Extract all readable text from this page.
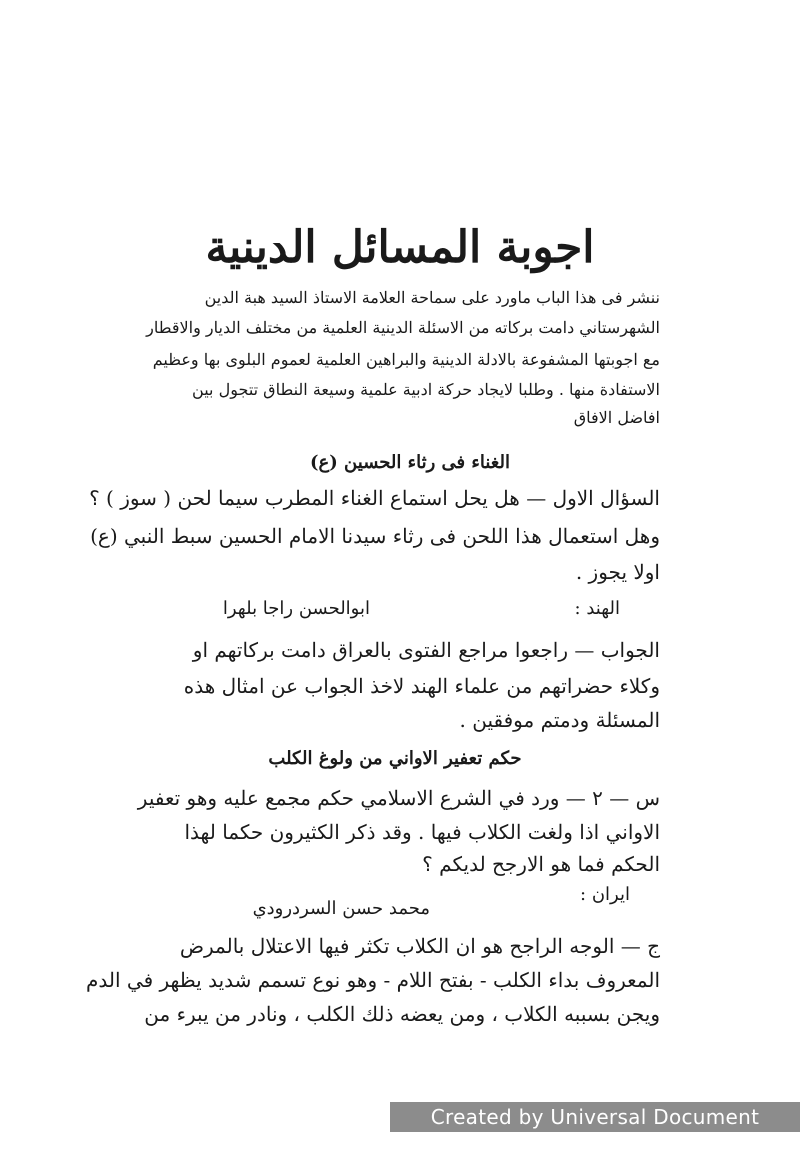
اجوبة المسائل الدينية
ننشر فى هذا الباب ماورد على سماحة العلامة الاستاذ السيد هبة الدين
الشهرستاني دامت بركاته من الاسئلة الدينية العلمية من مختلف الديار والاقطار
مع اجوبتها المشفوعة بالادلة الدينية والبراهين العلمية لعموم البلوى بها وعظيم
الاستفادة منها . وطلبا لايجاد حركة ادبية علمية وسيعة النطاق تتجول بين
افاضل الافاق
الغناء فى رثاء الحسين (ع)
السؤال الاول — هل يحل استماع الغناء المطرب سيما لحن ( سوز ) ؟
وهل استعمال هذا اللحن فى رثاء سيدنا الامام الحسين سبط النبي (ع)
اولا يجوز .
الهند :
ابوالحسن راجا بلهرا
الجواب — راجعوا مراجع الفتوى بالعراق دامت بركاتهم او
وكلاء حضراتهم من علماء الهند لاخذ الجواب عن امثال هذه
المسئلة ودمتم موفقين .
حكم تعفير الاواني من ولوغ الكلب
س — ٢ — ورد في الشرع الاسلامي حكم مجمع عليه وهو تعفير
الاواني اذا ولغت الكلاب فيها . وقد ذكر الكثيرون حكما لهذا
الحكم فما هو الارجح لديكم ؟
ايران :
محمد حسن السردرودي
ج — الوجه الراجح هو ان الكلاب تكثر فيها الاعتلال بالمرض
المعروف بداء الكلب - بفتح اللام - وهو نوع تسمم شديد يظهر في الدم
ويجن بسببه الكلاب ، ومن يعضه ذلك الكلب ، ونادر من يبرء من
Created by Universal Document Converter
